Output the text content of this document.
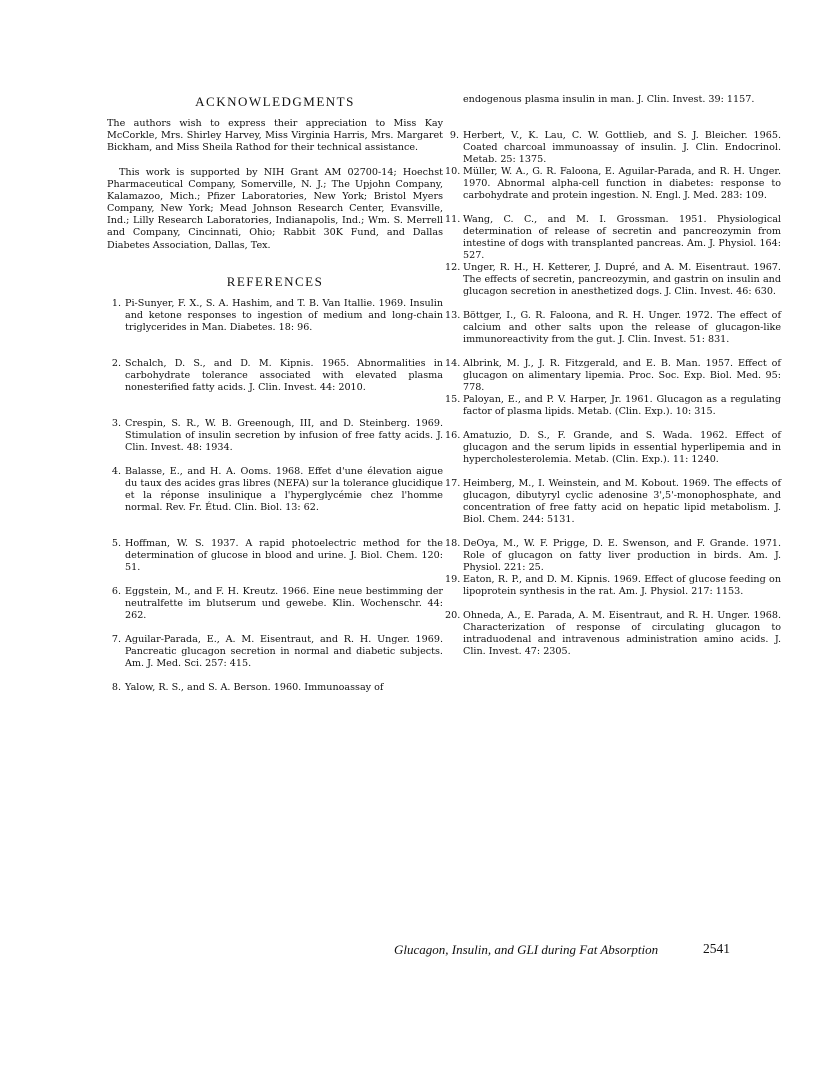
ACKNOWLEDGMENTS

The authors wish to express their appreciation to Miss Kay McCorkle, Mrs. Shirley Harvey, Miss Virginia Harris, Mrs. Margaret Bickham, and Miss Sheila Rathod for their technical assistance.

This work is supported by NIH Grant AM 02700-14; Hoechst Pharmaceutical Company, Somerville, N. J.; The Upjohn Company, Kalamazoo, Mich.; Pfizer Laboratories, New York; Bristol Myers Company, New York; Mead Johnson Research Center, Evansville, Ind.; Lilly Research Laboratories, Indianapolis, Ind.; Wm. S. Merrell and Company, Cincinnati, Ohio; Rabbit 30K Fund, and Dallas Diabetes Association, Dallas, Tex.

REFERENCES
1. Pi-Sunyer, F. X., S. A. Hashim, and T. B. Van Itallie. 1969. Insulin and ketone responses to ingestion of medium and long-chain triglycerides in Man. Diabetes. 18: 96.
2. Schalch, D. S., and D. M. Kipnis. 1965. Abnormalities in carbohydrate tolerance associated with elevated plasma nonesterified fatty acids. J. Clin. Invest. 44: 2010.
3. Crespin, S. R., W. B. Greenough, III, and D. Steinberg. 1969. Stimulation of insulin secretion by infusion of free fatty acids. J. Clin. Invest. 48: 1934.
4. Balasse, E., and H. A. Ooms. 1968. Effet d'une élevation aigue du taux des acides gras libres (NEFA) sur la tolerance glucidique et la réponse insulinique a l'hyperglycémie chez l'homme normal. Rev. Fr. Étud. Clin. Biol. 13: 62.
5. Hoffman, W. S. 1937. A rapid photoelectric method for the determination of glucose in blood and urine. J. Biol. Chem. 120: 51.
6. Eggstein, M., and F. H. Kreutz. 1966. Eine neue bestimming der neutralfette im blutserum und gewebe. Klin. Wochenschr. 44: 262.
7. Aguilar-Parada, E., A. M. Eisentraut, and R. H. Unger. 1969. Pancreatic glucagon secretion in normal and diabetic subjects. Am. J. Med. Sci. 257: 415.
8. Yalow, R. S., and S. A. Berson. 1960. Immunoassay of
endogenous plasma insulin in man. J. Clin. Invest. 39: 1157.
9. Herbert, V., K. Lau, C. W. Gottlieb, and S. J. Bleicher. 1965. Coated charcoal immunoassay of insulin. J. Clin. Endocrinol. Metab. 25: 1375.
10. Müller, W. A., G. R. Faloona, E. Aguilar-Parada, and R. H. Unger. 1970. Abnormal alpha-cell function in diabetes: response to carbohydrate and protein ingestion. N. Engl. J. Med. 283: 109.
11. Wang, C. C., and M. I. Grossman. 1951. Physiological determination of release of secretin and pancreozymin from intestine of dogs with transplanted pancreas. Am. J. Physiol. 164: 527.
12. Unger, R. H., H. Ketterer, J. Dupré, and A. M. Eisentraut. 1967. The effects of secretin, pancreozymin, and gastrin on insulin and glucagon secretion in anesthetized dogs. J. Clin. Invest. 46: 630.
13. Böttger, I., G. R. Faloona, and R. H. Unger. 1972. The effect of calcium and other salts upon the release of glucagon-like immunoreactivity from the gut. J. Clin. Invest. 51: 831.
14. Albrink, M. J., J. R. Fitzgerald, and E. B. Man. 1957. Effect of glucagon on alimentary lipemia. Proc. Soc. Exp. Biol. Med. 95: 778.
15. Paloyan, E., and P. V. Harper, Jr. 1961. Glucagon as a regulating factor of plasma lipids. Metab. (Clin. Exp.). 10: 315.
16. Amatuzio, D. S., F. Grande, and S. Wada. 1962. Effect of glucagon and the serum lipids in essential hyperlipemia and in hypercholesterolemia. Metab. (Clin. Exp.). 11: 1240.
17. Heimberg, M., I. Weinstein, and M. Kobout. 1969. The effects of glucagon, dibutyryl cyclic adenosine 3',5'-monophosphate, and concentration of free fatty acid on hepatic lipid metabolism. J. Biol. Chem. 244: 5131.
18. DeOya, M., W. F. Prigge, D. E. Swenson, and F. Grande. 1971. Role of glucagon on fatty liver production in birds. Am. J. Physiol. 221: 25.
19. Eaton, R. P., and D. M. Kipnis. 1969. Effect of glucose feeding on lipoprotein synthesis in the rat. Am. J. Physiol. 217: 1153.
20. Ohneda, A., E. Parada, A. M. Eisentraut, and R. H. Unger. 1968. Characterization of response of circulating glucagon to intraduodenal and intravenous administration amino acids. J. Clin. Invest. 47: 2305.
Glucagon, Insulin, and GLI during Fat Absorption	2541
